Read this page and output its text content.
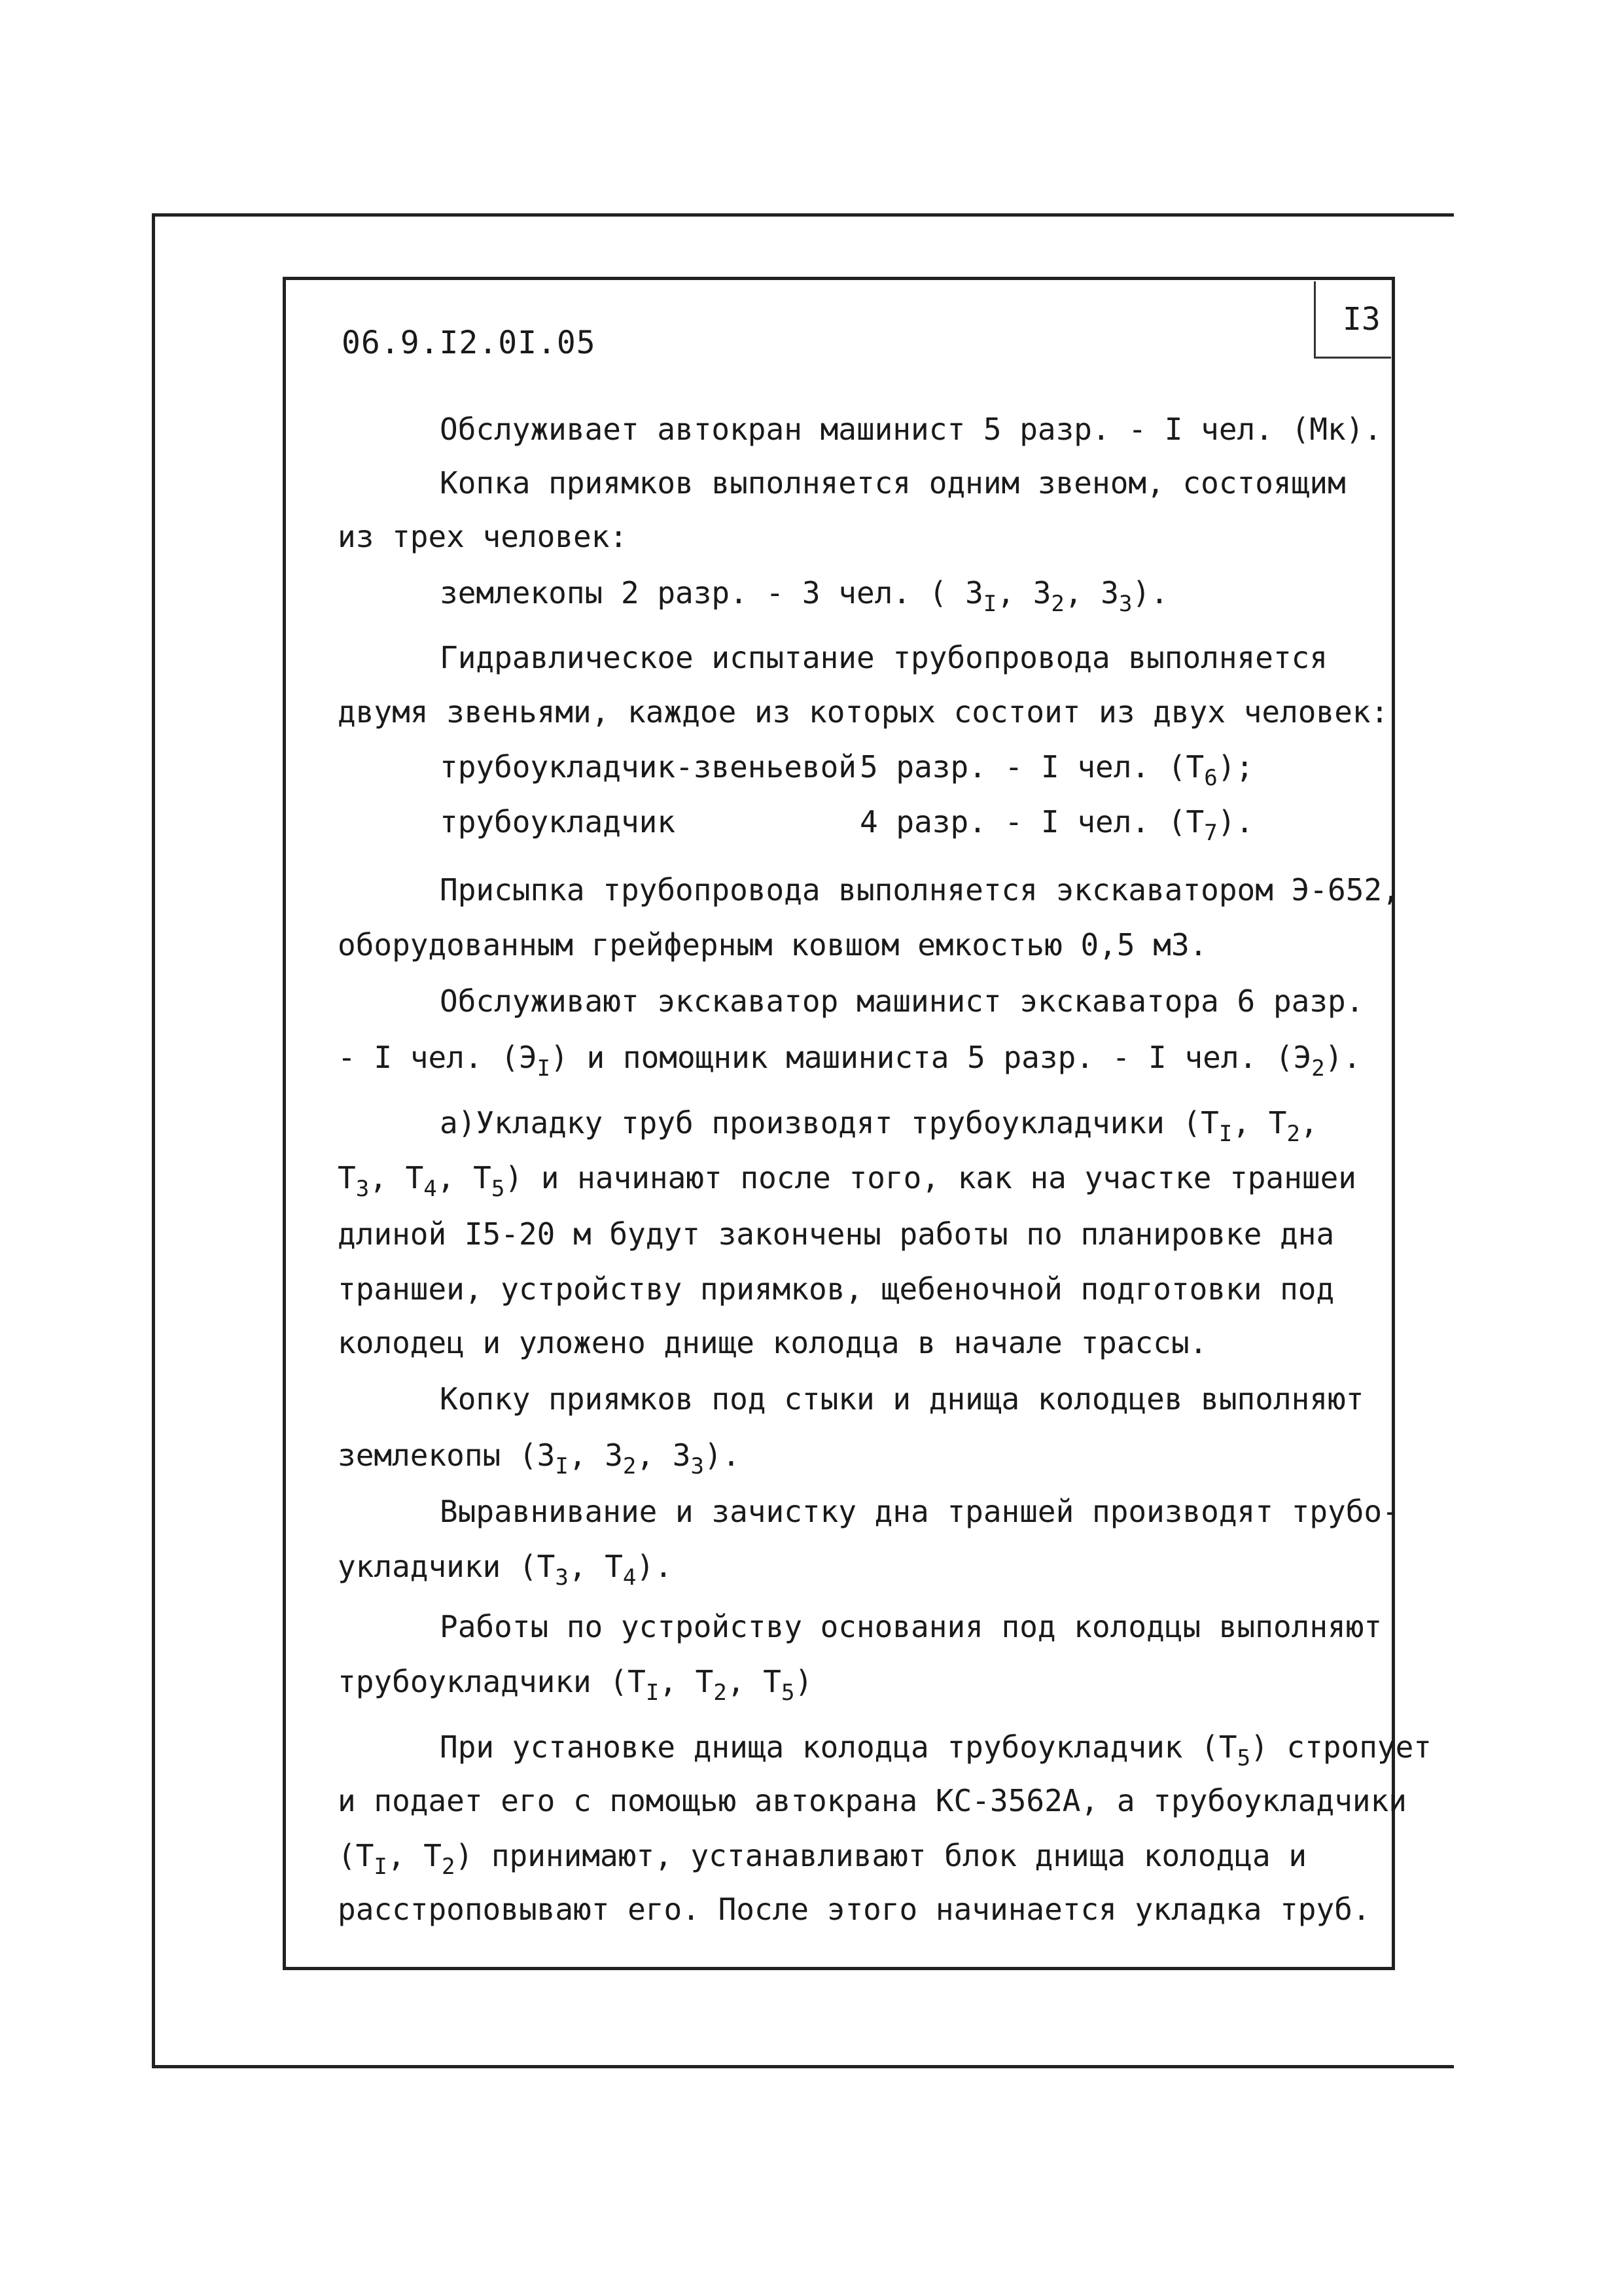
I3
06.9.I2.0I.05
Обслуживает автокран машинист 5 разр. - I чел. (Мк).
Копка приямков выполняется одним звеном, состоящим
из трех человек:
землекопы 2 разр. - 3 чел. ( $З_I$, $З_2$, $З_3$).
Гидравлическое испытание трубопровода выполняется
двумя звеньями, каждое из которых состоит из двух человек:
трубоукладчик-звеньевой 5 разр. - I чел. $(Т_6)$;
трубоукладчик	4 разр. - I чел. $(Т_7)$.
Присыпка трубопровода выполняется экскаватором Э-652,
оборудованным грейферным ковшом емкостью 0,5 м3.
Обслуживают экскаватор машинист экскаватора 6 разр.
- I чел. $(Э_I)$ и помощник машиниста 5 разр. - I чел. $(Э_2)$.
а)Укладку труб производят трубоукладчики ($Т_I$, $Т_2$,
$Т_3$, $Т_4$, $Т_5$) и начинают после того, как на участке траншеи
длиной I5-20 м будут закончены работы по планировке дна
траншеи, устройству приямков, щебеночной подготовки под
колодец и уложено днище колодца в начале трассы.
Копку приямков под стыки и днища колодцев выполняют
землекопы ($З_I$, $З_2$, $З_3$).
Выравнивание и зачистку дна траншей производят трубо-
укладчики ($Т_3$, $Т_4$).
Работы по устройству основания под колодцы выполняют
трубоукладчики ($Т_I$, $Т_2$, $Т_5$)
При установке днища колодца трубоукладчик $(Т_5)$ стропует
и подает его с помощью автокрана КС-3562А, а трубоукладчики
($Т_I$, $Т_2$) принимают, устанавливают блок днища колодца и
расстроповывают его. После этого начинается укладка труб.
